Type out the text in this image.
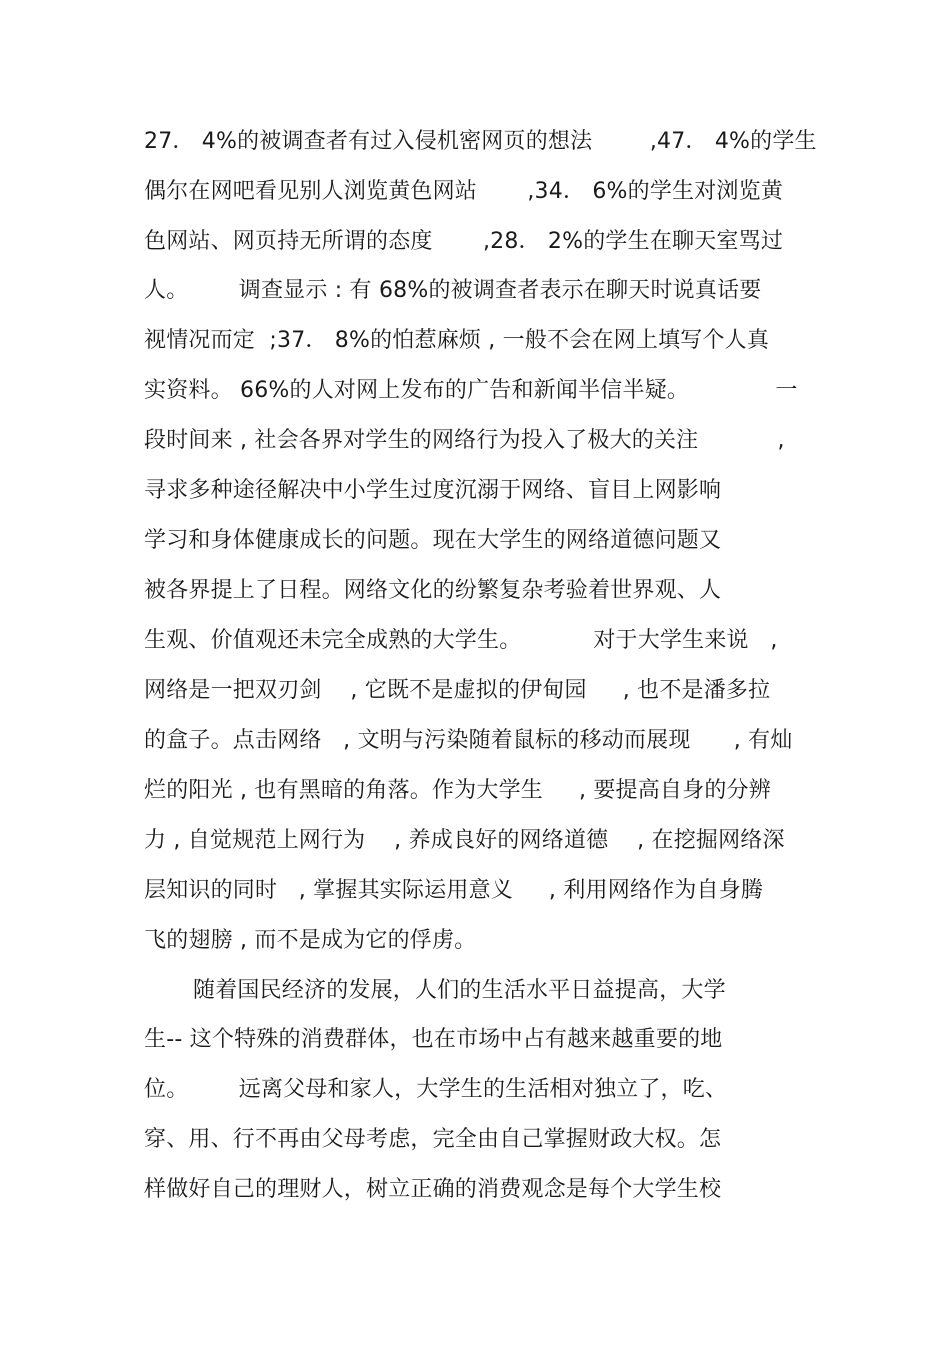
27． 4%的被调查者有过入侵机密网页的想法        ,47． 4%的学生
偶尔在网吧看见别人浏览黄色网站       ,34． 6%的学生对浏览黄
色网站、网页持无所谓的态度       ,28． 2%的学生在聊天室骂过
人。       调查显示 : 有 68%的被调查者表示在聊天时说真话要
视情况而定  ;37． 8%的怕惹麻烦 , 一般不会在网上填写个人真
实资料。 66%的人对网上发布的广告和新闻半信半疑。            一
段时间来 , 社会各界对学生的网络行为投入了极大的关注           ,
寻求多种途径解决中小学生过度沉溺于网络、盲目上网影响
学习和身体健康成长的问题。现在大学生的网络道德问题又
被各界提上了日程。网络文化的纷繁复杂考验着世界观、人
生观、价值观还未完全成熟的大学生。          对于大学生来说   ,
网络是一把双刃剑    , 它既不是虚拟的伊甸园     , 也不是潘多拉
的盒子。点击网络   , 文明与污染随着鼠标的移动而展现      , 有灿
烂的阳光 , 也有黑暗的角落。作为大学生     , 要提高自身的分辨
力 , 自觉规范上网行为    , 养成良好的网络道德    , 在挖掘网络深
层知识的同时   , 掌握其实际运用意义     , 利用网络作为自身腾
飞的翅膀 , 而不是成为它的俘虏。
随着国民经济的发展，人们的生活水平日益提高，大学
生-- 这个特殊的消费群体，也在市场中占有越来越重要的地
位。       远离父母和家人，大学生的生活相对独立了，吃、
穿、用、行不再由父母考虑，完全由自己掌握财政大权。怎
样做好自己的理财人，树立正确的消费观念是每个大学生校
